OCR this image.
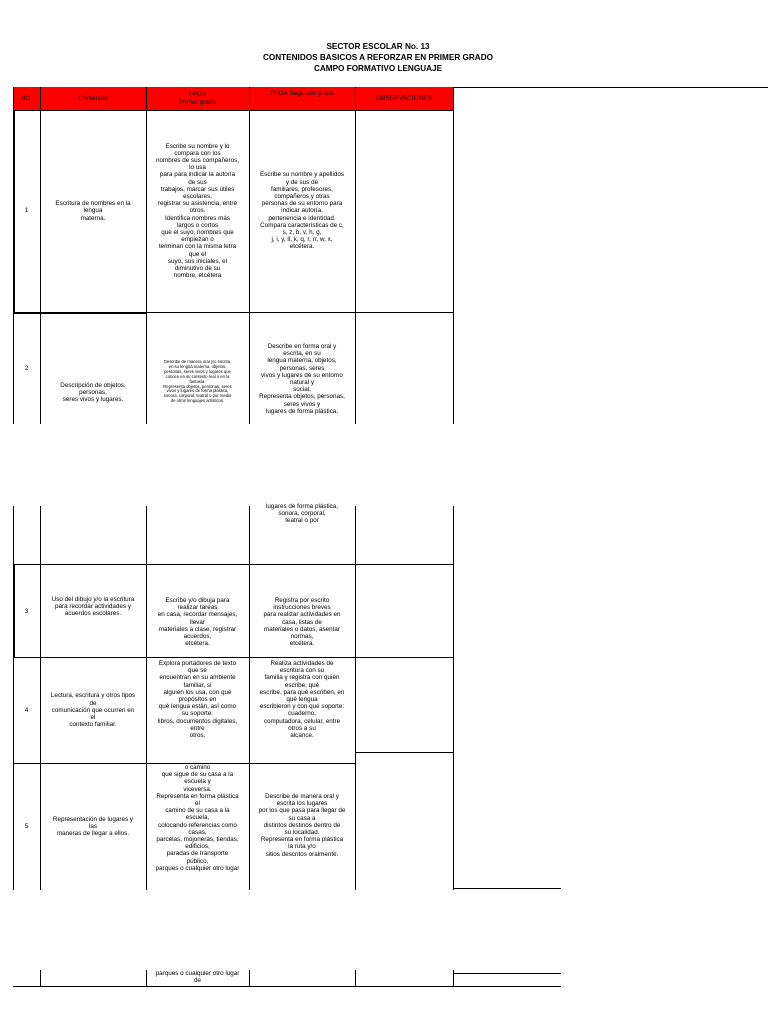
SECTOR ESCOLAR No. 13
CONTENIDOS BASICOS A REFORZAR EN PRIMER GRADO
CAMPO FORMATIVO LENGUAJE
NO.	Contenido
PPDA
Primer grado
PPDA Segundo grado
OBSERVACIONES
1
Escritura de nombres en la
lengua
materna.
Escribe su nombre y lo
compara con los
nombres de sus compañeros,
lo usa
para para indicar la autoría
de sus
trabajos, marcar sus útiles
escolares,
registrar su asistencia, entre
otros.
Identifica nombres más
largos o cortos
que el suyo, nombres que
empiezan o
terminan con la misma letra
que el
suyo, sus iniciales, el
diminutivo de su
nombre, etcétera
Escribe su nombre y apellidos
y de sus de
familiares, profesores,
compañeros y otras
personas de su entorno para
indicar autoría,
pertenencia e identidad.
Compara características de c,
s, z, b, v, h, g,
j, i, y, ll, k, q, r, rr, w, x,
etcétera.
2
Descripción de objetos,
personas,
seres vivos y lugares.
Describe de manera oral y/o escrita,
en su lengua materna, objetos,
personas, seres vivos y lugares que
conoce en su contexto real o en la
fantasía.
Representa objetos, personas, seres
vivos y lugares de forma plástica,
sonora, corporal, teatral o por medio
de otros lenguajes artísticos.
Describe en forma oral y
escrita, en su
lengua materna, objetos,
personas, seres
vivos y lugares de su entorno
natural y
social.
Representa objetos, personas,
seres vivos y
lugares de forma plástica,
lugares de forma plástica,
sonora, corporal,
teatral o por
3
Uso del dibujo y/o la escritura
para recordar actividades y
acuerdos escolares.
Escribe y/o dibuja para
realizar tareas
en casa, recordar mensajes,
llevar
materiales a clase, registrar
acuerdos,
etcétera.
Registra por escrito
instrucciones breves
para realizar actividades en
casa, listas de
materiales o datos, asentar
normas,
etcétera.
4
Lectura, escritura y otros tipos
de
comunicación que ocurren en
el
contexto familiar.
Explora portadores de texto
que se
encuentran en su ambiente
familiar, si
alguien los usa, con qué
propósitos en
qué lengua están, así como
su soporte:
libros, documentos digitales,
entre
otros.
Realiza actividades de
escritura con su
familia y registra con quién
escribe, qué
escribe, para qué escriben, en
qué lengua
escribieron y con qué soporte:
cuaderno,
computadora, celular, entre
otros a su
alcance.
5
Representación de lugares y
las
maneras de llegar a ellos.
o camino
que sigue de su casa a la
escuela y
viceversa.
Representa en forma plástica
el
camino de su casa a la
escuela,
colocando referencias como
casas,
parcelas, mojoneras, tiendas,
edificios,
paradas de transporte
público,
parques o cualquier otro lugar
Describe de manera oral y
escrita los lugares
por los que pasa para llegar de
su casa a
distintos destinos dentro de
su localidad.
Representa en forma plástica
la ruta y/o
sitios descritos oralmente.
parques o cualquier otro lugar
de
